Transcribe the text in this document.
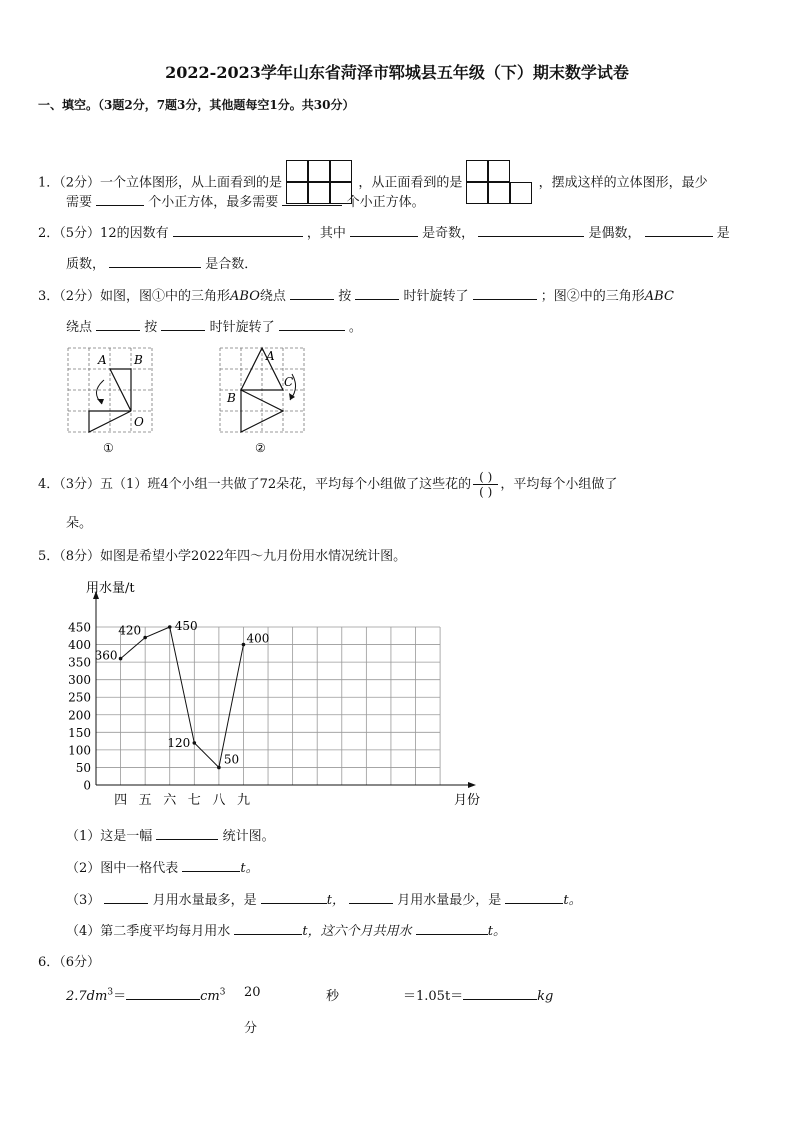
2022-2023学年山东省菏泽市郓城县五年级（下）期末数学试卷
一、填空。（3题2分，7题3分，其他题每空1分。共30分）
1．（2分）一个立体图形，从上面看到的是	，从正面看到的是	，摆成这样的立体图形，最少
需要	个小正方体，最多需要	个小正方体。
2．（5分）12的因数有	，其中	是奇数，	是偶数，	是
质数，	是合数．
3．（2分）如图，图①中的三角形ABO绕点	按	时针旋转了	；图②中的三角形ABC
绕点	按	时针旋转了	。
A B
O
①
A
B
C
②
4．（3分）五（1）班4个小组一共做了72朵花，平均每个小组做了这些花的 $\frac{( )}{( )}$ ，平均每个小组做了
朵。
5．（8分）如图是希望小学2022年四～九月份用水情况统计图。
用水量/t
月份
0
50
100
150
200
250
300
350
400
450
四 五 六 七 八 九
360
420	450
120
50
400
（1）这是一幅	统计图。
（2）图中一格代表	t。
（3）	月用水量最多，是	t，	月用水量最少，是	t。
（4）第二季度平均每月用水	t，这六个月共用水	t。
6．（6分）
$2.7dm^3=$	$cm^3$ 20
分
秒	＝1.05t＝	kg
